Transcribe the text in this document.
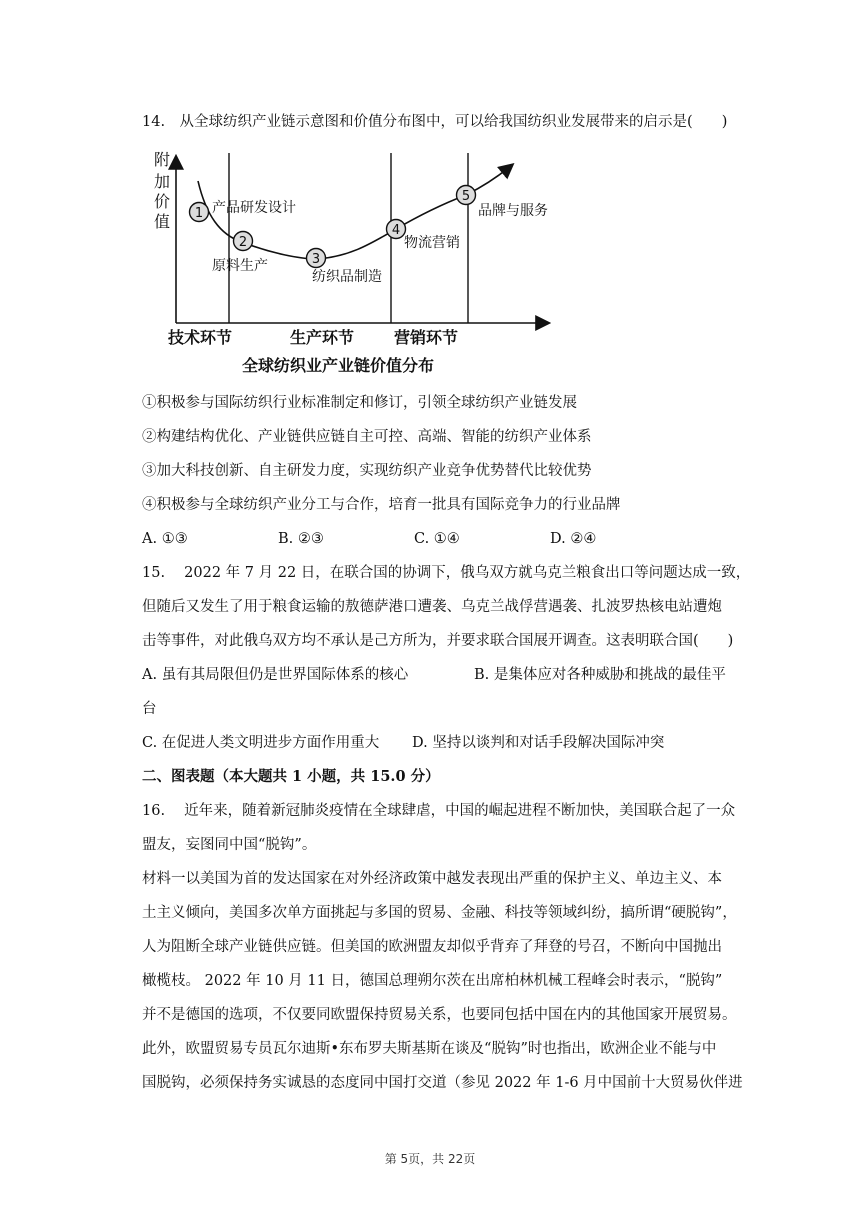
14.　从全球纺织产业链示意图和价值分布图中，可以给我国纺织业发展带来的启示是(　　)
附
加
价
值 1 产品研发设计
2
原料生产	3
纺织品制造
4
物流营销
5
品牌与服务
技术环节	生产环节 营销环节
全球纺织业产业链价值分布
①积极参与国际纺织行业标准制定和修订，引领全球纺织产业链发展
②构建结构优化、产业链供应链自主可控、高端、智能的纺织产业体系
③加大科技创新、自主研发力度，实现纺织产业竞争优势替代比较优势
④积极参与全球纺织产业分工与合作，培育一批具有国际竞争力的行业品牌
A. ①③	B. ②③	C. ①④	D. ②④
15.　 2022 年 7 月 22 日，在联合国的协调下，俄乌双方就乌克兰粮食出口等问题达成一致，
但随后又发生了用于粮食运输的敖德萨港口遭袭、乌克兰战俘营遇袭、扎波罗热核电站遭炮
击等事件，对此俄乌双方均不承认是己方所为，并要求联合国展开调查。这表明联合国(　　)
A. 虽有其局限但仍是世界国际体系的核心	B. 是集体应对各种威胁和挑战的最佳平
台
C. 在促进人类文明进步方面作用重大 D. 坚持以谈判和对话手段解决国际冲突
二、图表题（本大题共 1 小题，共 15.0 分）
16.　 近年来，随着新冠肺炎疫情在全球肆虐，中国的崛起进程不断加快，美国联合起了一众
盟友，妄图同中国“脱钩”。
材料一以美国为首的发达国家在对外经济政策中越发表现出严重的保护主义、单边主义、本
土主义倾向，美国多次单方面挑起与多国的贸易、金融、科技等领域纠纷，搞所谓“硬脱钩”，
人为阻断全球产业链供应链。但美国的欧洲盟友却似乎背弃了拜登的号召，不断向中国抛出
橄榄枝。 2022 年 10 月 11 日，德国总理朔尔茨在出席柏林机械工程峰会时表示，“脱钩”
并不是德国的选项，不仅要同欧盟保持贸易关系，也要同包括中国在内的其他国家开展贸易。
此外，欧盟贸易专员瓦尔迪斯•东布罗夫斯基斯在谈及“脱钩”时也指出，欧洲企业不能与中
国脱钩，必须保持务实诚恳的态度同中国打交道（参见 2022 年 1-6 月中国前十大贸易伙伴进
第 5页，共 22页
